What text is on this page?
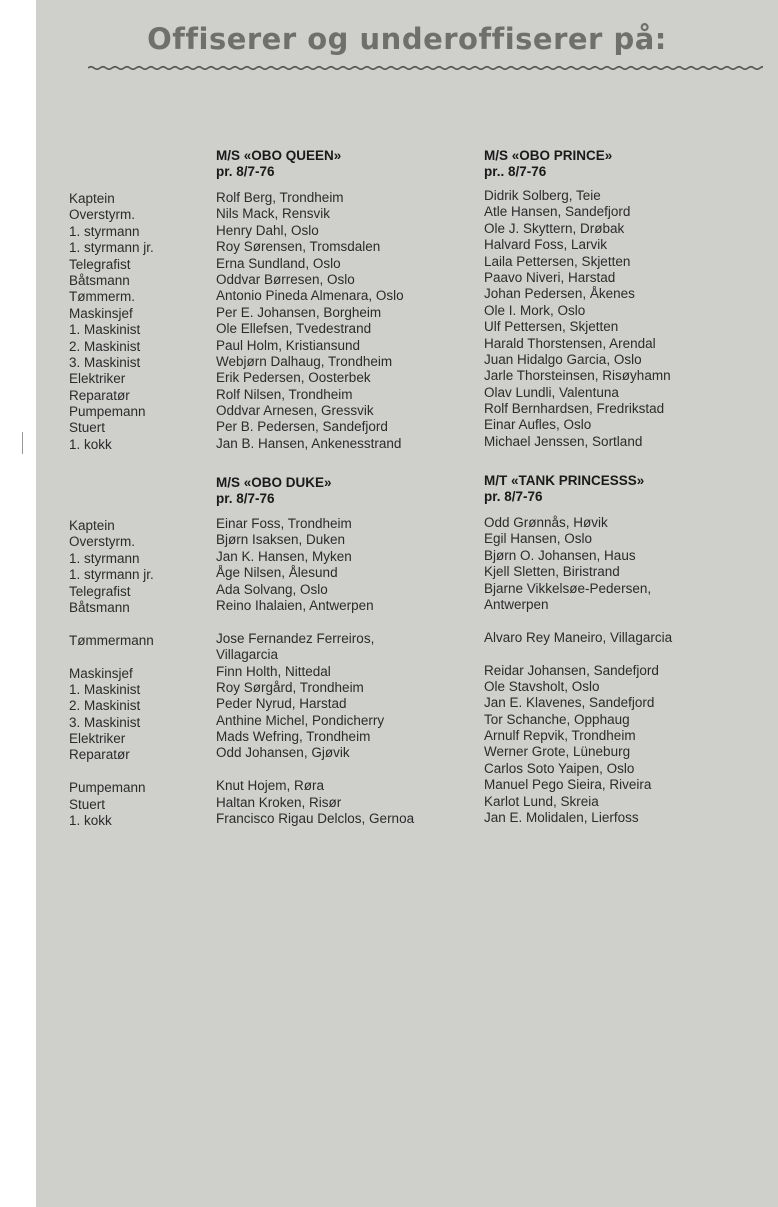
Offiserer og underoffiserer på:
Kaptein
Overstyrm.
1. styrmann
1. styrmann jr.
Telegrafist
Båtsmann
Tømmerm.
Maskinsjef
1. Maskinist
2. Maskinist
3. Maskinist
Elektriker
Reparatør
Pumpemann
Stuert
1. kokk
M/S «OBO QUEEN»
pr. 8/7-76
Rolf Berg, Trondheim
Nils Mack, Rensvik
Henry Dahl, Oslo
Roy Sørensen, Tromsdalen
Erna Sundland, Oslo
Oddvar Børresen, Oslo
Antonio Pineda Almenara, Oslo
Per E. Johansen, Borgheim
Ole Ellefsen, Tvedestrand
Paul Holm, Kristiansund
Webjørn Dalhaug, Trondheim
Erik Pedersen, Oosterbek
Rolf Nilsen, Trondheim
Oddvar Arnesen, Gressvik
Per B. Pedersen, Sandefjord
Jan B. Hansen, Ankenesstrand
M/S «OBO PRINCE»
pr.. 8/7-76
Didrik Solberg, Teie
Atle Hansen, Sandefjord
Ole J. Skyttern, Drøbak
Halvard Foss, Larvik
Laila Pettersen, Skjetten
Paavo Niveri, Harstad
Johan Pedersen, Åkenes
Ole I. Mork, Oslo
Ulf Pettersen, Skjetten
Harald Thorstensen, Arendal
Juan Hidalgo Garcia, Oslo
Jarle Thorsteinsen, Risøyhamn
Olav Lundli, Valentuna
Rolf Bernhardsen, Fredrikstad
Einar Aufles, Oslo
Michael Jenssen, Sortland
Kaptein
Overstyrm.
1. styrmann
1. styrmann jr.
Telegrafist
Båtsmann
Tømmermann
Maskinsjef
1. Maskinist
2. Maskinist
3. Maskinist
Elektriker
Reparatør
Pumpemann
Stuert
1. kokk
M/S «OBO DUKE»
pr. 8/7-76
Einar Foss, Trondheim
Bjørn Isaksen, Duken
Jan K. Hansen, Myken
Åge Nilsen, Ålesund
Ada Solvang, Oslo
Reino Ihalaien, Antwerpen
Jose Fernandez Ferreiros,
Villagarcia
Finn Holth, Nittedal
Roy Sørgård, Trondheim
Peder Nyrud, Harstad
Anthine Michel, Pondicherry
Mads Wefring, Trondheim
Odd Johansen, Gjøvik
Knut Hojem, Røra
Haltan Kroken, Risør
Francisco Rigau Delclos, Gernoa
M/T «TANK PRINCESSS»
pr. 8/7-76
Odd Grønnås, Høvik
Egil Hansen, Oslo
Bjørn O. Johansen, Haus
Kjell Sletten, Biristrand
Bjarne Vikkelsøe-Pedersen,
Antwerpen
Alvaro Rey Maneiro, Villagarcia
Reidar Johansen, Sandefjord
Ole Stavsholt, Oslo
Jan E. Klavenes, Sandefjord
Tor Schanche, Opphaug
Arnulf Repvik, Trondheim
Werner Grote, Lüneburg
Carlos Soto Yaipen, Oslo
Manuel Pego Sieira, Riveira
Karlot Lund, Skreia
Jan E. Molidalen, Lierfoss
